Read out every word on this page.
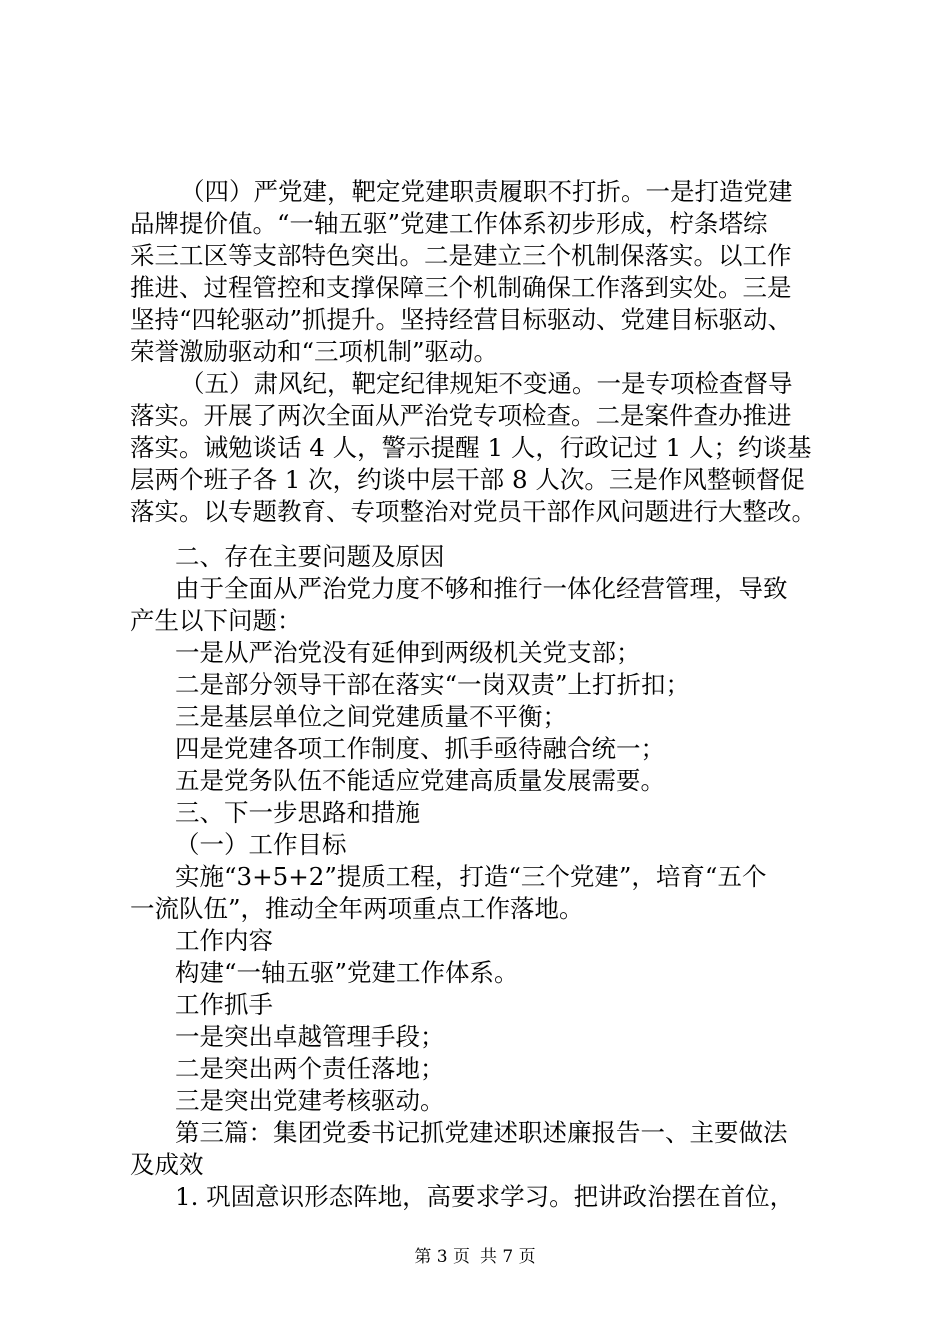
（四）严党建，靶定党建职责履职不打折。一是打造党建
品牌提价值。“一轴五驱”党建工作体系初步形成，柠条塔综
采三工区等支部特色突出。二是建立三个机制保落实。以工作
推进、过程管控和支撑保障三个机制确保工作落到实处。三是
坚持“四轮驱动”抓提升。坚持经营目标驱动、党建目标驱动、
荣誉激励驱动和“三项机制”驱动。
（五）肃风纪，靶定纪律规矩不变通。一是专项检查督导
落实。开展了两次全面从严治党专项检查。二是案件查办推进
落实。诫勉谈话 4 人，警示提醒 1 人，行政记过 1 人；约谈基
层两个班子各 1 次，约谈中层干部 8 人次。三是作风整顿督促
落实。以专题教育、专项整治对党员干部作风问题进行大整改。
二、存在主要问题及原因
由于全面从严治党力度不够和推行一体化经营管理，导致
产生以下问题：
一是从严治党没有延伸到两级机关党支部；
二是部分领导干部在落实“一岗双责”上打折扣；
三是基层单位之间党建质量不平衡；
四是党建各项工作制度、抓手亟待融合统一；
五是党务队伍不能适应党建高质量发展需要。
三、下一步思路和措施
（一）工作目标
实施“3+5+2”提质工程，打造“三个党建”，培育“五个
一流队伍”，推动全年两项重点工作落地。
工作内容
构建“一轴五驱”党建工作体系。
工作抓手
一是突出卓越管理手段；
二是突出两个责任落地；
三是突出党建考核驱动。
第三篇：集团党委书记抓党建述职述廉报告一、主要做法
及成效
1. 巩固意识形态阵地，高要求学习。把讲政治摆在首位，
第 3 页 共 7 页
